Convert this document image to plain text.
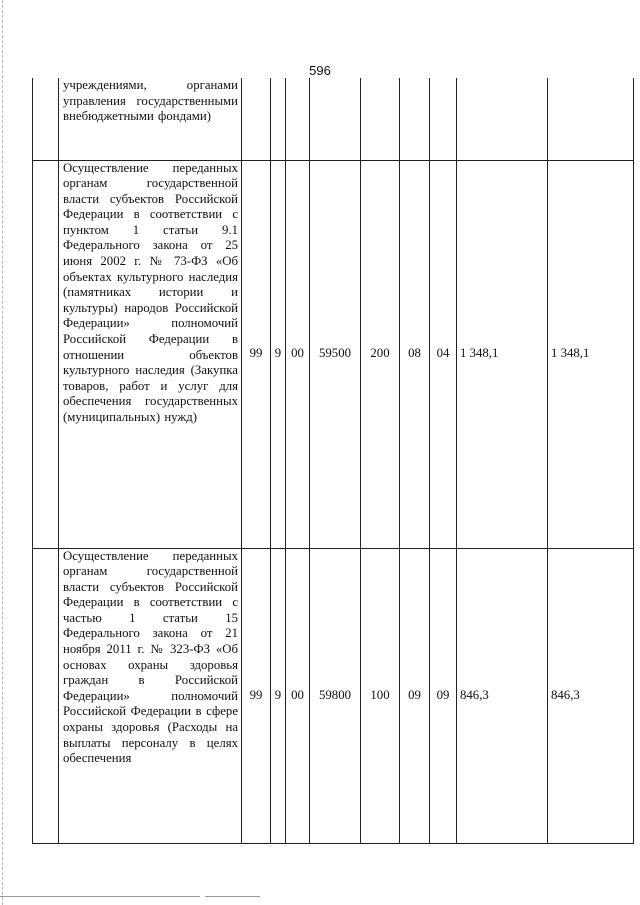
596

	учреждениями, органами управления государственными внебюджетными фондами)									

	Осуществление переданных органам государственной власти субъектов Российской Федерации в соответствии с пунктом 1 статьи 9.1 Федерального закона от 25 июня 2002 г. № 73-ФЗ «Об объектах культурного наследия (памятниках истории и культуры) народов Российской Федерации» полномочий Российской Федерации в отношении объектов культурного наследия (Закупка товаров, работ и услуг для обеспечения государственных (муниципальных) нужд)	99	9	00	59500	200	08	04	1 348,1	1 348,1

	Осуществление переданных органам государственной власти субъектов Российской Федерации в соответствии с частью 1 статьи 15 Федерального закона от 21 ноября 2011 г. № 323-ФЗ «Об основах охраны здоровья граждан в Российской Федерации» полномочий Российской Федерации в сфере охраны здоровья (Расходы на выплаты персоналу в целях обеспечения	99	9	00	59800	100	09	09	846,3	846,3
